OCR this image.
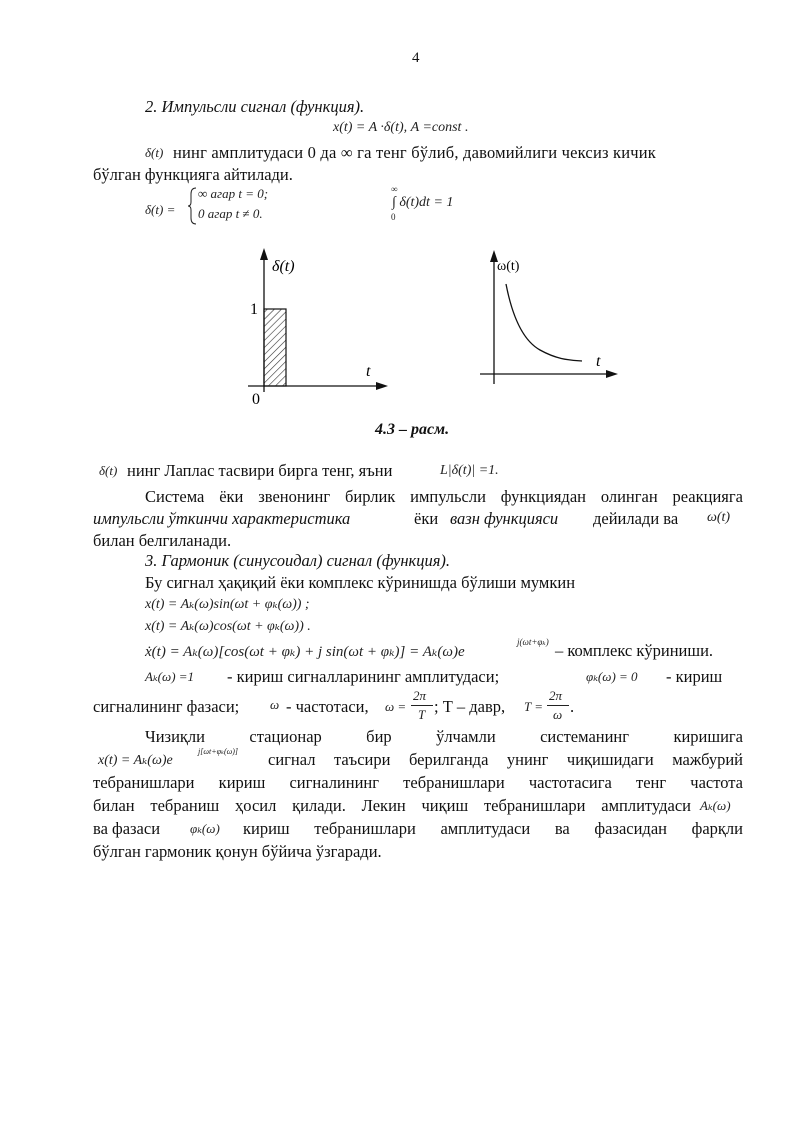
4
2. Импульсли сигнал (функция).
x(t) = A ·δ(t), A =const .
δ(t) нинг амплитудаси 0 да ∞ га тенг бўлиб, давомийлиги чексиз кичик
бўлган функцияга айтилади.
δ(t) =
∞ агар t = 0;
0 агар t ≠ 0.
∞
∫ δ(t)dt = 1
0
δ(t)
t
1
0
ω(t)
t
4.3 – расм.
δ(t) нинг Лаплас тасвири бирга тенг, яъни	L|δ(t)| =1.
Система ёки звенонинг бирлик импульсли функциядан олинган реакцияга
импульсли ўткинчи характеристика	ёки вазн функцияси дейилади ва ω(t)
билан белгиланади.
3. Гармоник (синусоидал) сигнал (функция).
Бу сигнал ҳақиқий ёки комплекс кўринишда бўлиши мумкин
x(t) = Aₖ(ω)sin(ωt + φₖ(ω)) ;
x(t) = Aₖ(ω)cos(ωt + φₖ(ω)) .
ẋ(t) = Aₖ(ω)[cos(ωt + φₖ) + j sin(ωt + φₖ)] = Aₖ(ω)e
j(ωt+φₖ) – комплекс кўриниши.
Aₖ(ω) =1 - кириш сигналларининг амплитудаси;	φₖ(ω) = 0 - кириш
сигналининг фазаси; ω - частотаси, ω =
2π
T ; Т – давр, T =
2π
ω .
Чизиқли стационар бир ўлчамли системанинг киришига
x(t) = Aₖ(ω)e
j[ωt+φₖ(ω)] сигнал таъсири берилганда унинг чиқишидаги мажбурий
тебранишлари кириш сигналининг тебранишлари частотасига тенг частота
билан тебраниш ҳосил қилади. Лекин чиқиш тебранишлари амплитудаси Aₖ(ω)
ва фазаси φₖ(ω) кириш тебранишлари амплитудаси ва фазасидан фарқли
бўлган гармоник қонун бўйича ўзгаради.
